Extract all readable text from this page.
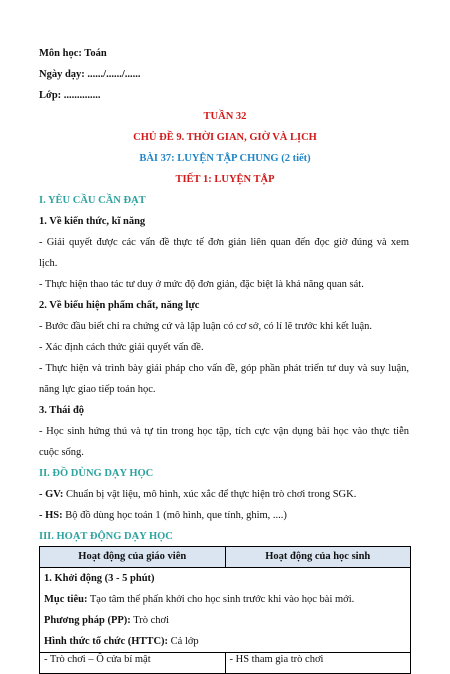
Môn học: Toán
Ngày dạy: ....../....../......
Lớp: ..............
TUẦN 32
CHỦ ĐỀ 9. THỜI GIAN, GIỜ VÀ LỊCH
BÀI 37: LUYỆN TẬP CHUNG (2 tiết)
TIẾT 1: LUYỆN TẬP
I. YÊU CẦU CẦN ĐẠT
1. Về kiến thức, kĩ năng
- Giải quyết được các vấn đề thực tế đơn giản liên quan đến đọc giờ đúng và xem
lịch.
- Thực hiện thao tác tư duy ở mức độ đơn giản, đặc biệt là khả năng quan sát.
2. Về biểu hiện phẩm chất, năng lực
- Bước đầu biết chỉ ra chứng cứ và lập luận có cơ sở, có lí lẽ trước khi kết luận.
- Xác định cách thức giải quyết vấn đề.
- Thực hiện và trình bày giải pháp cho vấn đề, góp phần phát triển tư duy và suy luận,
năng lực giao tiếp toán học.
3. Thái độ
- Học sinh hứng thú và tự tin trong học tập, tích cực vận dụng bài học vào thực tiễn
cuộc sống.
II. ĐỒ DÙNG DẠY HỌC
- GV: Chuẩn bị vật liệu, mô hình, xúc xắc để thực hiện trò chơi trong SGK.
- HS: Bộ đồ dùng học toán 1 (mô hình, que tính, ghim, ....)
III. HOẠT ĐỘNG DẠY HỌC
Hoạt động của giáo viên	Hoạt động của học sinh

1. Khởi động (3 - 5 phút)
Mục tiêu: Tạo tâm thế phấn khởi cho học sinh trước khi vào học bài mới.
Phương pháp (PP): Trò chơi
Hình thức tổ chức (HTTC): Cả lớp	

- Trò chơi – Ô cửa bí mật	- HS tham gia trò chơi
